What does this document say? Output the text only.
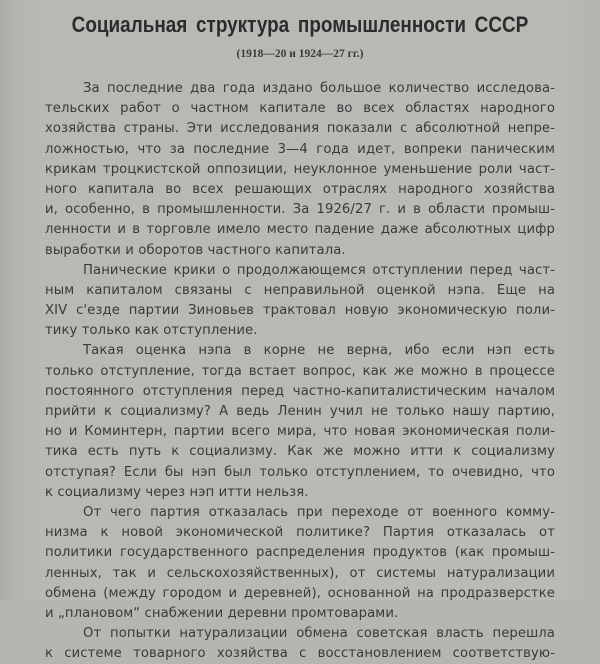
Социальная структура промышленности СССР
(1918—20 и 1924—27 гг.)
За последние два года издано большое количество исследова-
тельских работ о частном капитале во всех областях народного
хозяйства страны. Эти исследования показали с абсолютной непре-
ложностью, что за последние 3—4 года идет, вопреки паническим
крикам троцкистской оппозиции, неуклонное уменьшение роли част-
ного капитала во всех решающих отраслях народного хозяйства
и, особенно, в промышленности. За 1926/27 г. и в области промыш-
ленности и в торговле имело место падение даже абсолютных цифр
выработки и оборотов частного капитала.
Панические крики о продолжающемся отступлении перед част-
ным капиталом связаны с неправильной оценкой нэпа. Еще на
XIV с'езде партии Зиновьев трактовал новую экономическую поли-
тику только как отступление.
Такая оценка нэпа в корне не верна, ибо если нэп есть
только отступление, тогда встает вопрос, как же можно в процессе
постоянного отступления перед частно-капиталистическим началом
прийти к социализму? А ведь Ленин учил не только нашу партию,
но и Коминтерн, партии всего мира, что новая экономическая поли-
тика есть путь к социализму. Как же можно итти к социализму
отступая? Если бы нэп был только отступлением, то очевидно, что
к социализму через нэп итти нельзя.
От чего партия отказалась при переходе от военного комму-
низма к новой экономической политике? Партия отказалась от
политики государственного распределения продуктов (как промыш-
ленных, так и сельскохозяйственных), от системы натурализации
обмена (между городом и деревней), основанной на продразверстке
и „плановом“ снабжении деревни промтоварами.
От попытки натурализации обмена советская власть перешла
к системе товарного хозяйства с восстановлением соответствую-
